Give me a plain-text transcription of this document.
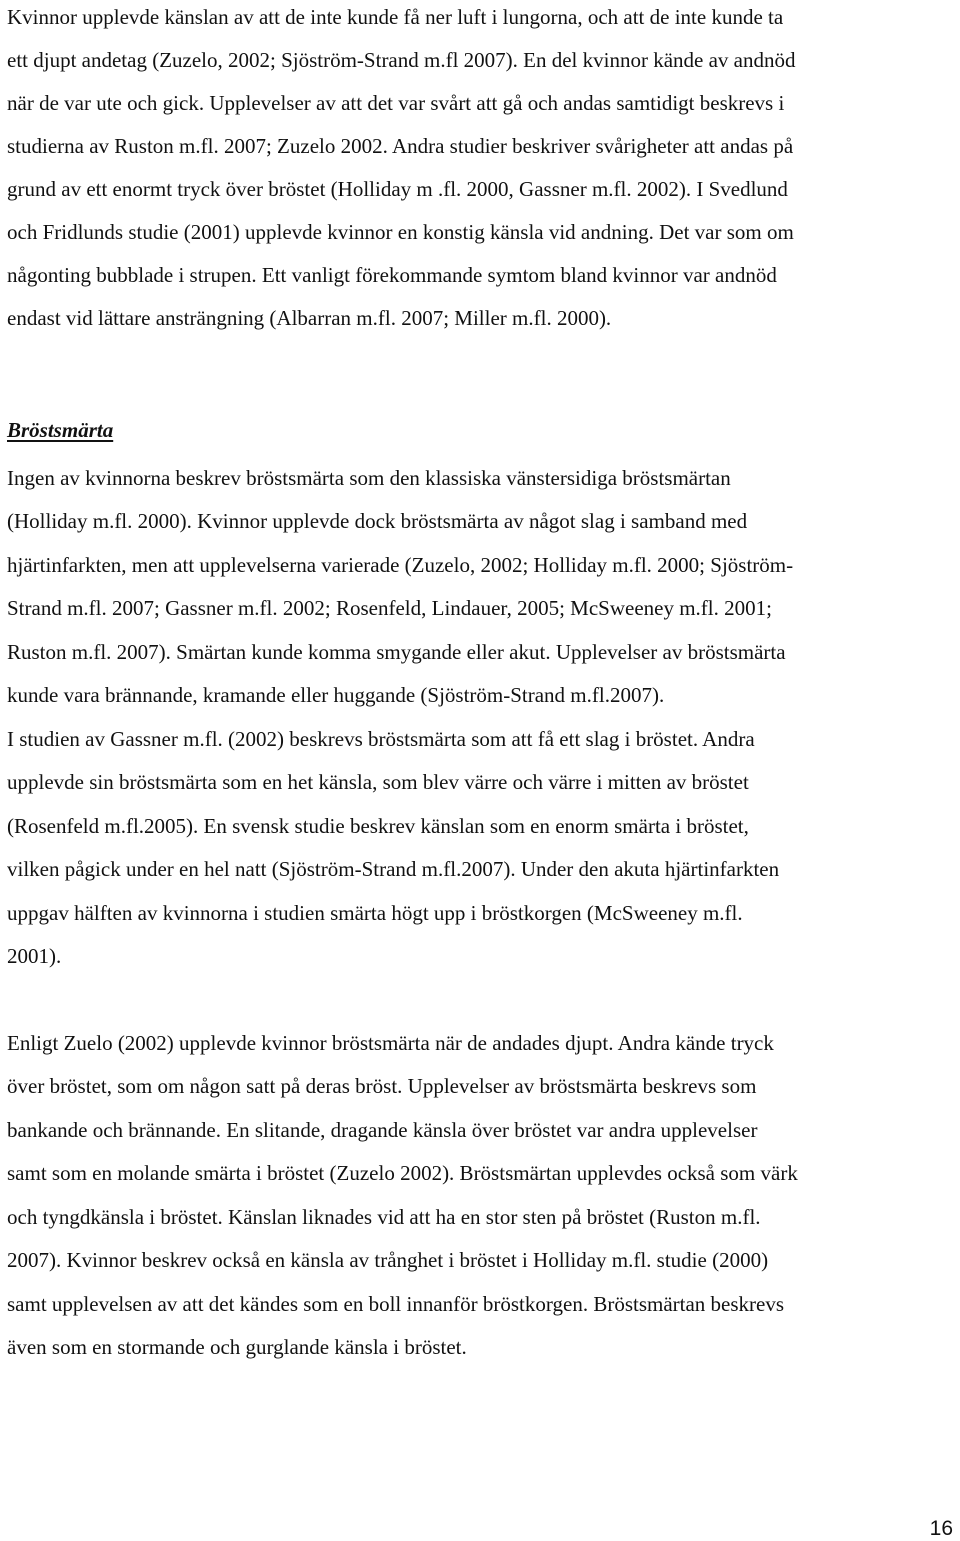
Kvinnor upplevde känslan av att de inte kunde få ner luft i lungorna, och att de inte kunde ta
ett djupt andetag (Zuzelo, 2002; Sjöström-Strand m.fl 2007). En del kvinnor kände av andnöd
när de var ute och gick. Upplevelser av att det var svårt att gå och andas samtidigt beskrevs i
studierna av Ruston m.fl. 2007; Zuzelo 2002. Andra studier beskriver svårigheter att andas på
grund av ett enormt tryck över bröstet (Holliday m .fl. 2000, Gassner m.fl. 2002). I Svedlund
och Fridlunds studie (2001) upplevde kvinnor en konstig känsla vid andning. Det var som om
någonting bubblade i strupen. Ett vanligt förekommande symtom bland kvinnor var andnöd
endast vid lättare ansträngning (Albarran m.fl. 2007; Miller m.fl. 2000).
Bröstsmärta
Ingen av kvinnorna beskrev bröstsmärta som den klassiska vänstersidiga bröstsmärtan
(Holliday m.fl. 2000). Kvinnor upplevde dock bröstsmärta av något slag i samband med
hjärtinfarkten, men att upplevelserna varierade (Zuzelo, 2002; Holliday m.fl. 2000; Sjöström-
Strand m.fl. 2007; Gassner m.fl. 2002; Rosenfeld, Lindauer, 2005; McSweeney m.fl. 2001;
Ruston m.fl. 2007). Smärtan kunde komma smygande eller akut. Upplevelser av bröstsmärta
kunde vara brännande, kramande eller huggande (Sjöström-Strand m.fl.2007).
I studien av Gassner m.fl. (2002) beskrevs bröstsmärta som att få ett slag i bröstet. Andra
upplevde sin bröstsmärta som en het känsla, som blev värre och värre i mitten av bröstet
(Rosenfeld m.fl.2005). En svensk studie beskrev känslan som en enorm smärta i bröstet,
vilken pågick under en hel natt (Sjöström-Strand m.fl.2007). Under den akuta hjärtinfarkten
uppgav hälften av kvinnorna i studien smärta högt upp i bröstkorgen (McSweeney m.fl.
2001).
Enligt Zuelo (2002) upplevde kvinnor bröstsmärta när de andades djupt. Andra kände tryck
över bröstet, som om någon satt på deras bröst. Upplevelser av bröstsmärta beskrevs som
bankande och brännande. En slitande, dragande känsla över bröstet var andra upplevelser
samt som en molande smärta i bröstet (Zuzelo 2002). Bröstsmärtan upplevdes också som värk
och tyngdkänsla i bröstet. Känslan liknades vid att ha en stor sten på bröstet (Ruston m.fl.
2007). Kvinnor beskrev också en känsla av trånghet i bröstet i Holliday m.fl. studie (2000)
samt upplevelsen av att det kändes som en boll innanför bröstkorgen. Bröstsmärtan beskrevs
även som en stormande och gurglande känsla i bröstet.
16
